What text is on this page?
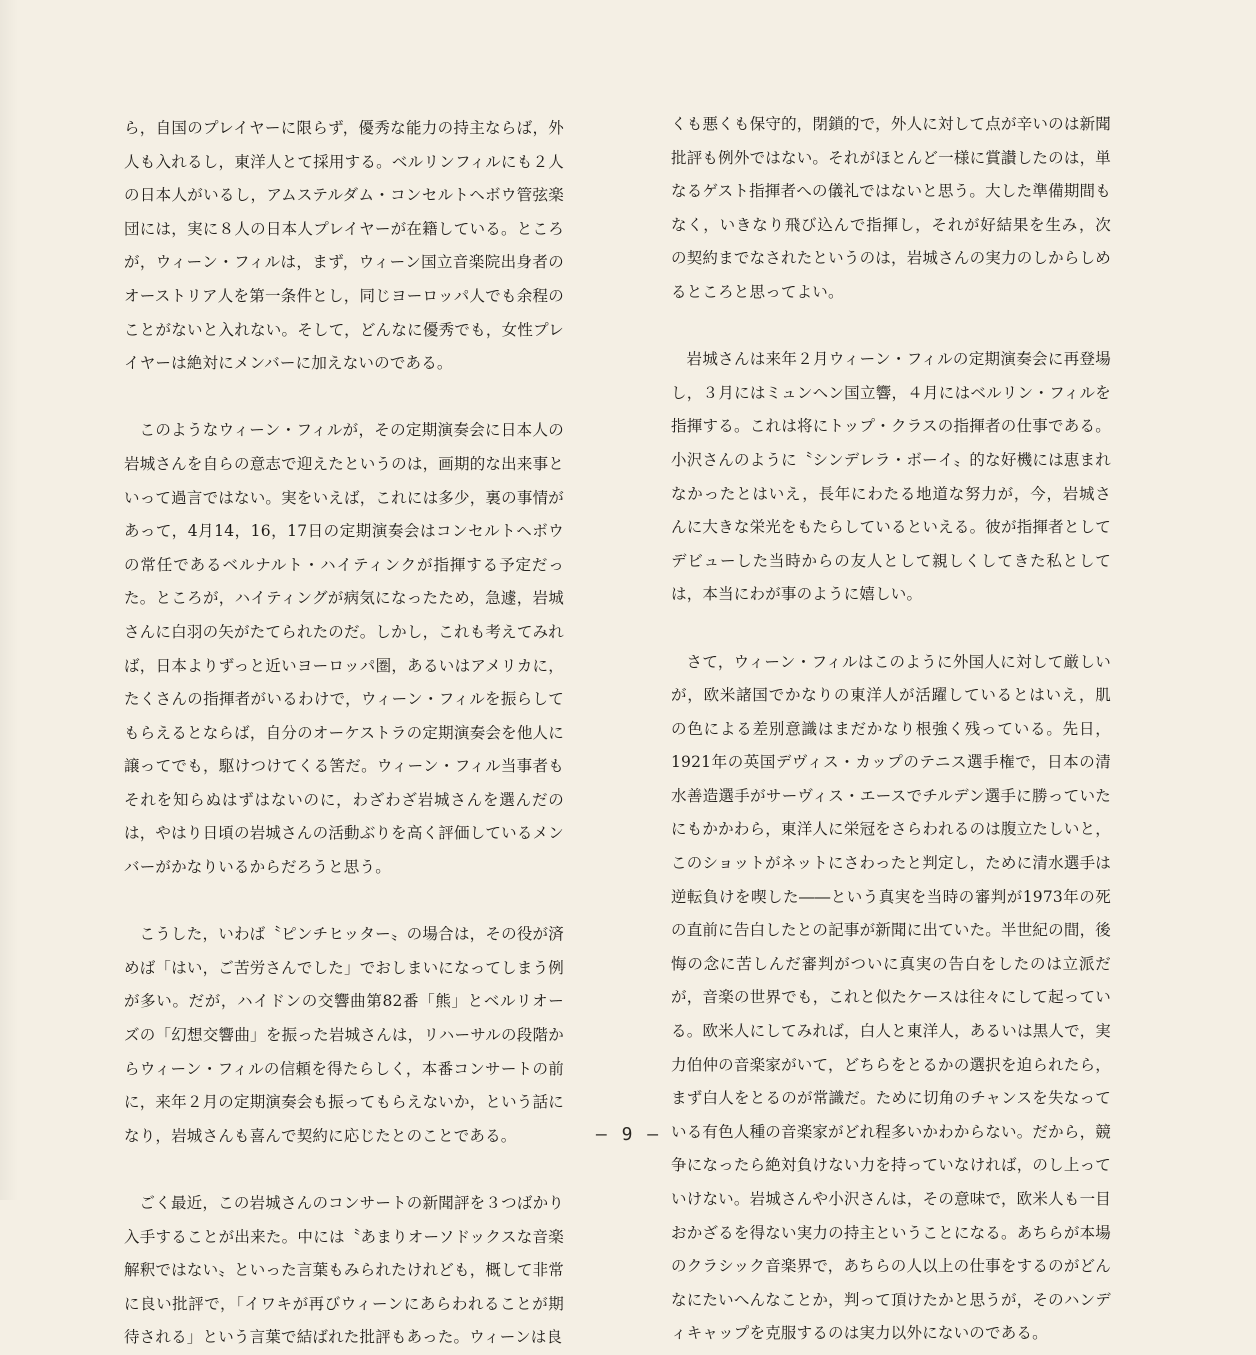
ら，自国のプレイヤーに限らず，優秀な能力の持主ならば，外人も入れるし，東洋人とて採用する。ベルリンフィルにも２人の日本人がいるし，アムステルダム・コンセルトヘボウ管弦楽団には，実に８人の日本人プレイヤーが在籍している。ところが，ウィーン・フィルは，まず，ウィーン国立音楽院出身者のオーストリア人を第一条件とし，同じヨーロッパ人でも余程のことがないと入れない。そして，どんなに優秀でも，女性プレイヤーは絶対にメンバーに加えないのである。

このようなウィーン・フィルが，その定期演奏会に日本人の岩城さんを自らの意志で迎えたというのは，画期的な出来事といって過言ではない。実をいえば，これには多少，裏の事情があって，4月14，16，17日の定期演奏会はコンセルトヘボウの常任であるベルナルト・ハイティンクが指揮する予定だった。ところが，ハイティングが病気になったため，急遽，岩城さんに白羽の矢がたてられたのだ。しかし，これも考えてみれば，日本よりずっと近いヨーロッパ圏，あるいはアメリカに，たくさんの指揮者がいるわけで，ウィーン・フィルを振らしてもらえるとならば，自分のオーケストラの定期演奏会を他人に譲ってでも，駆けつけてくる筈だ。ウィーン・フィル当事者もそれを知らぬはずはないのに，わざわざ岩城さんを選んだのは，やはり日頃の岩城さんの活動ぶりを高く評価しているメンバーがかなりいるからだろうと思う。

こうした，いわば〝ピンチヒッター〟の場合は，その役が済めば「はい，ご苦労さんでした」でおしまいになってしまう例が多い。だが，ハイドンの交響曲第82番「熊」とベルリオーズの「幻想交響曲」を振った岩城さんは，リハーサルの段階からウィーン・フィルの信頼を得たらしく，本番コンサートの前に，来年２月の定期演奏会も振ってもらえないか，という話になり，岩城さんも喜んで契約に応じたとのことである。

ごく最近，この岩城さんのコンサートの新聞評を３つばかり入手することが出来た。中には〝あまりオーソドックスな音楽解釈ではない〟といった言葉もみられたけれども，概して非常に良い批評で，「イワキが再びウィーンにあらわれることが期待される」という言葉で結ばれた批評もあった。ウィーンは良

くも悪くも保守的，閉鎖的で，外人に対して点が辛いのは新聞批評も例外ではない。それがほとんど一様に賞讃したのは，単なるゲスト指揮者への儀礼ではないと思う。大した準備期間もなく，いきなり飛び込んで指揮し，それが好結果を生み，次の契約までなされたというのは，岩城さんの実力のしからしめるところと思ってよい。

岩城さんは来年２月ウィーン・フィルの定期演奏会に再登場し，３月にはミュンヘン国立響，４月にはベルリン・フィルを指揮する。これは将にトップ・クラスの指揮者の仕事である。小沢さんのように〝シンデレラ・ボーイ〟的な好機には恵まれなかったとはいえ，長年にわたる地道な努力が，今，岩城さんに大きな栄光をもたらしているといえる。彼が指揮者としてデビューした当時からの友人として親しくしてきた私としては，本当にわが事のように嬉しい。

さて，ウィーン・フィルはこのように外国人に対して厳しいが，欧米諸国でかなりの東洋人が活躍しているとはいえ，肌の色による差別意識はまだかなり根強く残っている。先日，1921年の英国デヴィス・カップのテニス選手権で，日本の清水善造選手がサーヴィス・エースでチルデン選手に勝っていたにもかかわら，東洋人に栄冠をさらわれるのは腹立たしいと，このショットがネットにさわったと判定し，ために清水選手は逆転負けを喫した――という真実を当時の審判が1973年の死の直前に告白したとの記事が新聞に出ていた。半世紀の間，後悔の念に苦しんだ審判がついに真実の告白をしたのは立派だが，音楽の世界でも，これと似たケースは往々にして起っている。欧米人にしてみれば，白人と東洋人，あるいは黒人で，実力伯仲の音楽家がいて，どちらをとるかの選択を迫られたら，まず白人をとるのが常識だ。ために切角のチャンスを失なっている有色人種の音楽家がどれ程多いかわからない。だから，競争になったら絶対負けない力を持っていなければ，のし上っていけない。岩城さんや小沢さんは，その意味で，欧米人も一目おかざるを得ない実力の持主ということになる。あちらが本場のクラシック音楽界で，あちらの人以上の仕事をするのがどんなにたいへんなことか，判って頂けたかと思うが，そのハンディキャップを克服するのは実力以外にないのである。

— 9 —
